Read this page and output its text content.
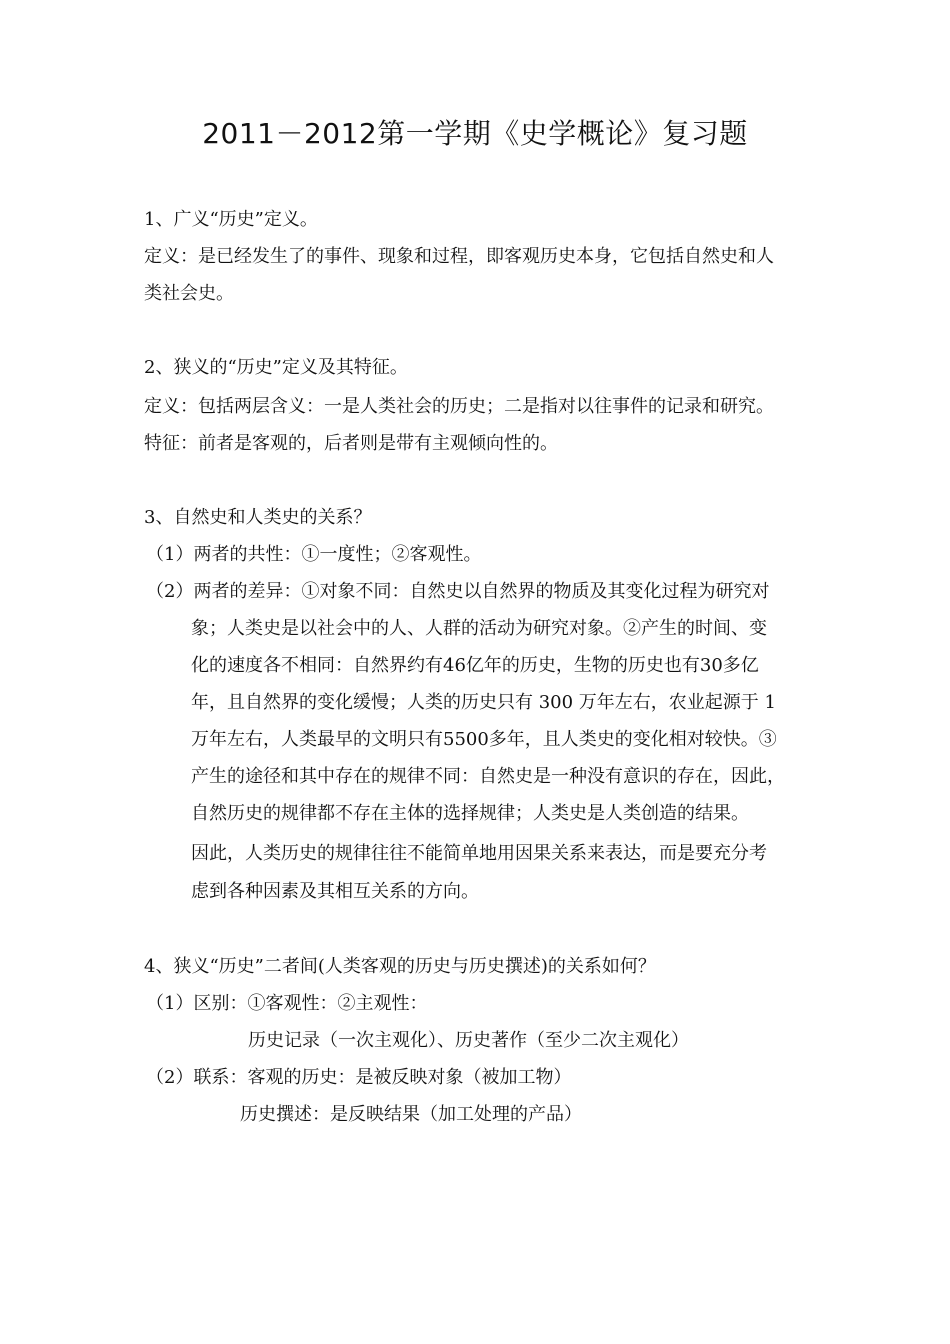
2011－2012第一学期《史学概论》复习题
1、广义“历史”定义。
定义：是已经发生了的事件、现象和过程，即客观历史本身，它包括自然史和人
类社会史。
2、狭义的“历史”定义及其特征。
定义：包括两层含义：一是人类社会的历史；二是指对以往事件的记录和研究。
特征：前者是客观的，后者则是带有主观倾向性的。
3、自然史和人类史的关系？
（1）两者的共性：①一度性；②客观性。
（2）两者的差异：①对象不同：自然史以自然界的物质及其变化过程为研究对
象；人类史是以社会中的人、人群的活动为研究对象。②产生的时间、变
化的速度各不相同：自然界约有46亿年的历史，生物的历史也有30多亿
年，且自然界的变化缓慢；人类的历史只有 300 万年左右，农业起源于 1
万年左右，人类最早的文明只有5500多年，且人类史的变化相对较快。③
产生的途径和其中存在的规律不同：自然史是一种没有意识的存在，因此，
自然历史的规律都不存在主体的选择规律；人类史是人类创造的结果。
因此，人类历史的规律往往不能简单地用因果关系来表达，而是要充分考
虑到各种因素及其相互关系的方向。
4、狭义“历史”二者间(人类客观的历史与历史撰述)的关系如何？
（1）区别：①客观性：②主观性：
历史记录（一次主观化）、历史著作（至少二次主观化）
（2）联系：客观的历史：是被反映对象（被加工物）
历史撰述：是反映结果（加工处理的产品）
